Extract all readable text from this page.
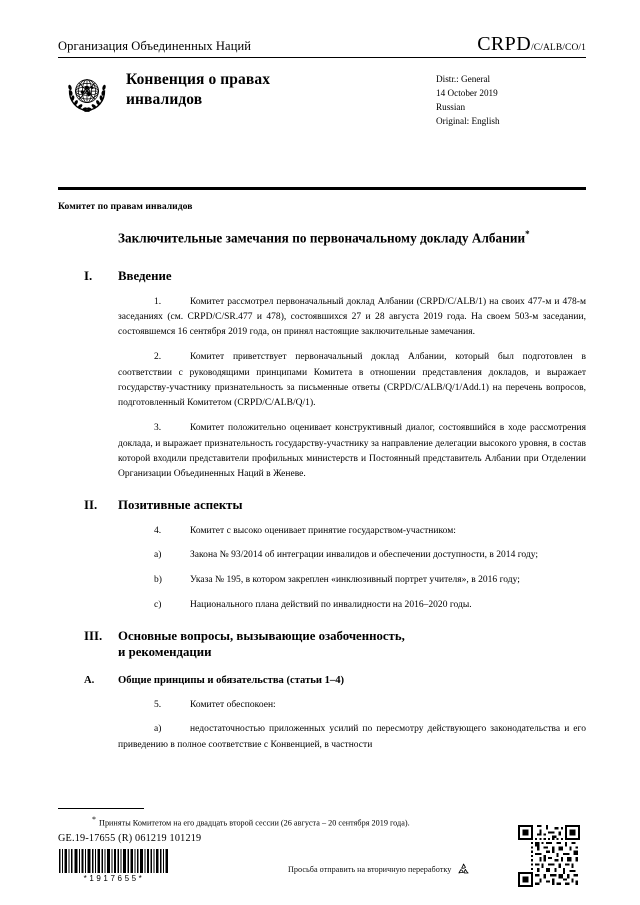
Организация Объединенных Наций	CRPD /C/ALB/CO/1
Конвенция о правах
инвалидов
Distr.: General
14 October 2019
Russian
Original: English
Комитет по правам инвалидов
Заключительные замечания по первоначальному докладу Албании*
I.	Введение

1.	Комитет рассмотрел первоначальный доклад Албании (CRPD/C/ALB/1) на своих 477-м и 478-м заседаниях (см. CRPD/C/SR.477 и 478), состоявшихся 27 и 28 августа 2019 года. На своем 503-м заседании, состоявшемся 16 сентября 2019 года, он принял настоящие заключительные замечания.

2.	Комитет приветствует первоначальный доклад Албании, который был подготовлен в соответствии с руководящими принципами Комитета в отношении представления докладов, и выражает государству-участнику признательность за письменные ответы (CRPD/C/ALB/Q/1/Add.1) на перечень вопросов, подготовленный Комитетом (CRPD/C/ALB/Q/1).

3.	Комитет положительно оценивает конструктивный диалог, состоявшийся в ходе рассмотрения доклада, и выражает признательность государству-участнику за направление делегации высокого уровня, в состав которой входили представители профильных министерств и Постоянный представитель Албании при Отделении Организации Объединенных Наций в Женеве.

II.	Позитивные аспекты

4.	Комитет с высоко оценивает принятие государством-участником:

a)	Закона № 93/2014 об интеграции инвалидов и обеспечении доступности, в 2014 году;

b)	Указа № 195, в котором закреплен «инклюзивный портрет учителя», в 2016 году;

c)	Национального плана действий по инвалидности на 2016–2020 годы.

III.	Основные вопросы, вызывающие озабоченность,
и рекомендации
A.	Общие принципы и обязательства (статьи 1–4)

5.	Комитет обеспокоен:

a)	недостаточностью приложенных усилий по пересмотру действующего законодательства и его приведению в полное соответствие с Конвенцией, в частности

* Приняты Комитетом на его двадцать второй сессии (26 августа – 20 сентября 2019 года).
GE.19-17655 (R) 061219 101219
*1917655*
Просьба отправить на вторичную переработку
